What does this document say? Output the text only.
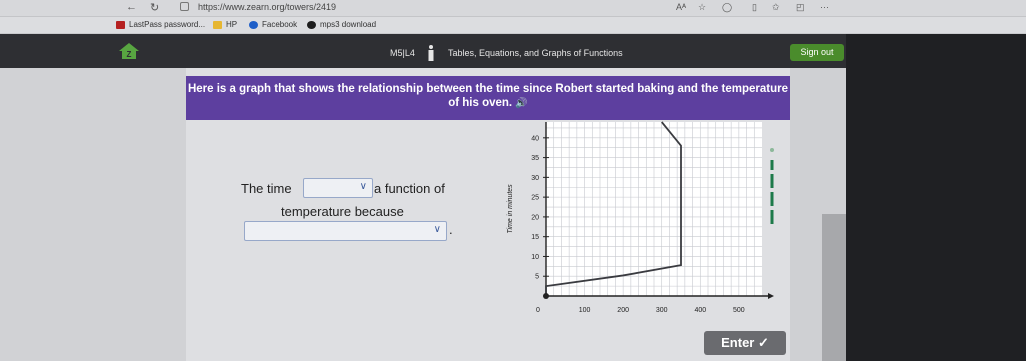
← ↻	https://www.zearn.org/towers/2419	Aᴬ ☆ ◯ ▯ ✩ ◰ ···
LastPass password...	HP	Facebook	mps3 download
Z	M5|L4	Tables, Equations, and Graphs of Functions	Sign out
Here is a graph that shows the relationship between the time since Robert started baking and the temperature of his oven. 🔊
The time	∨ a function of
temperature because
∨ .
0	100	200	300	400	500
5
10
15
20
25
30
35
40
Time in minutes
Enter ✓
